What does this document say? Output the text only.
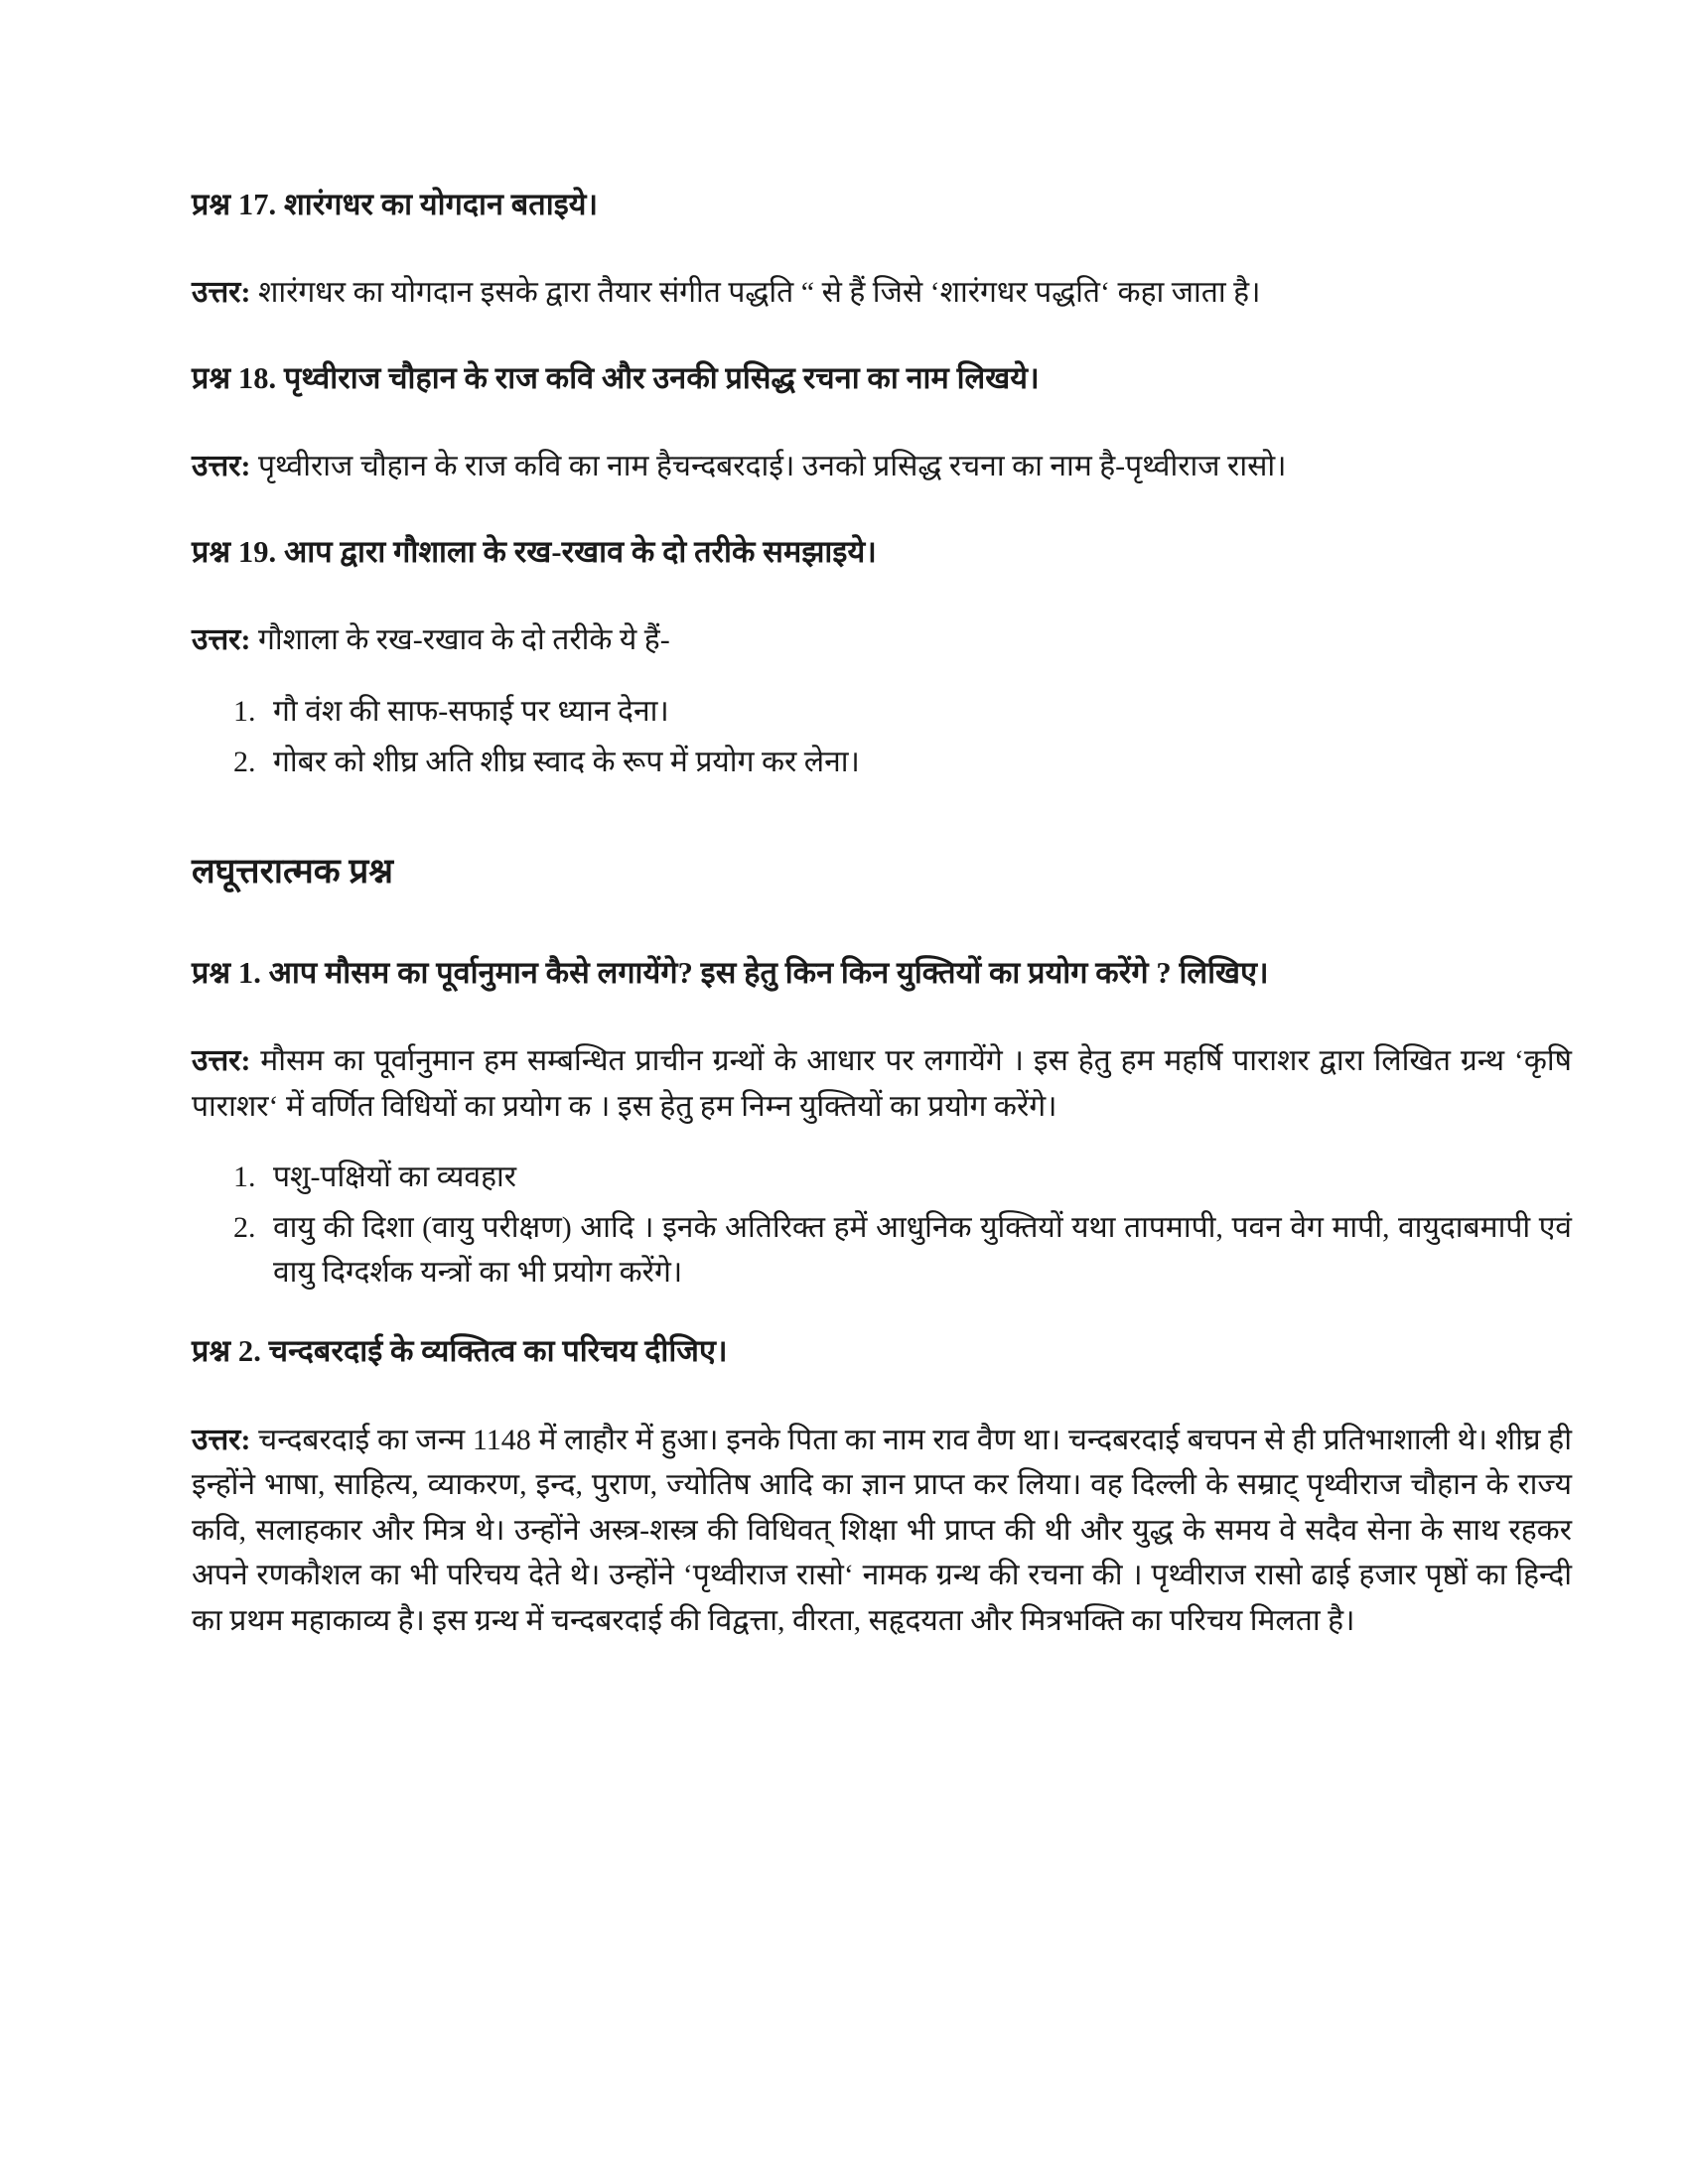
प्रश्न 17. शारंगधर का योगदान बताइये।

उत्तर: शारंगधर का योगदान इसके द्वारा तैयार संगीत पद्धति “ से हैं जिसे ‘शारंगधर पद्धति‘ कहा जाता है।

प्रश्न 18. पृथ्वीराज चौहान के राज कवि और उनकी प्रसिद्ध रचना का नाम लिखये।

उत्तर: पृथ्वीराज चौहान के राज कवि का नाम हैचन्दबरदाई। उनको प्रसिद्ध रचना का नाम है-पृथ्वीराज रासो।

प्रश्न 19. आप द्वारा गौशाला के रख-रखाव के दो तरीके समझाइये।

उत्तर: गौशाला के रख-रखाव के दो तरीके ये हैं-

गौ वंश की साफ-सफाई पर ध्यान देना।
गोबर को शीघ्र अति शीघ्र स्वाद के रूप में प्रयोग कर लेना।

लघूत्तरात्मक प्रश्न

प्रश्न 1. आप मौसम का पूर्वानुमान कैसे लगायेंगे? इस हेतु किन किन युक्तियों का प्रयोग करेंगे ? लिखिए।

उत्तर: मौसम का पूर्वानुमान हम सम्बन्धित प्राचीन ग्रन्थों के आधार पर लगायेंगे । इस हेतु हम महर्षि पाराशर द्वारा लिखित ग्रन्थ ‘कृषि पाराशर‘ में वर्णित विधियों का प्रयोग क । इस हेतु हम निम्न युक्तियों का प्रयोग करेंगे।

पशु-पक्षियों का व्यवहार
वायु की दिशा (वायु परीक्षण) आदि । इनके अतिरिक्त हमें आधुनिक युक्तियों यथा तापमापी, पवन वेग मापी, वायुदाबमापी एवं वायु दिग्दर्शक यन्त्रों का भी प्रयोग करेंगे।

प्रश्न 2. चन्दबरदाई के व्यक्तित्व का परिचय दीजिए।

उत्तर: चन्दबरदाई का जन्म 1148 में लाहौर में हुआ। इनके पिता का नाम राव वैण था। चन्दबरदाई बचपन से ही प्रतिभाशाली थे। शीघ्र ही इन्होंने भाषा, साहित्य, व्याकरण, इन्द, पुराण, ज्योतिष आदि का ज्ञान प्राप्त कर लिया। वह दिल्ली के सम्राट् पृथ्वीराज चौहान के राज्य कवि, सलाहकार और मित्र थे। उन्होंने अस्त्र-शस्त्र की विधिवत् शिक्षा भी प्राप्त की थी और युद्ध के समय वे सदैव सेना के साथ रहकर अपने रणकौशल का भी परिचय देते थे। उन्होंने ‘पृथ्वीराज रासो‘ नामक ग्रन्थ की रचना की । पृथ्वीराज रासो ढाई हजार पृष्ठों का हिन्दी का प्रथम महाकाव्य है। इस ग्रन्थ में चन्दबरदाई की विद्वत्ता, वीरता, सहृदयता और मित्रभक्ति का परिचय मिलता है।
